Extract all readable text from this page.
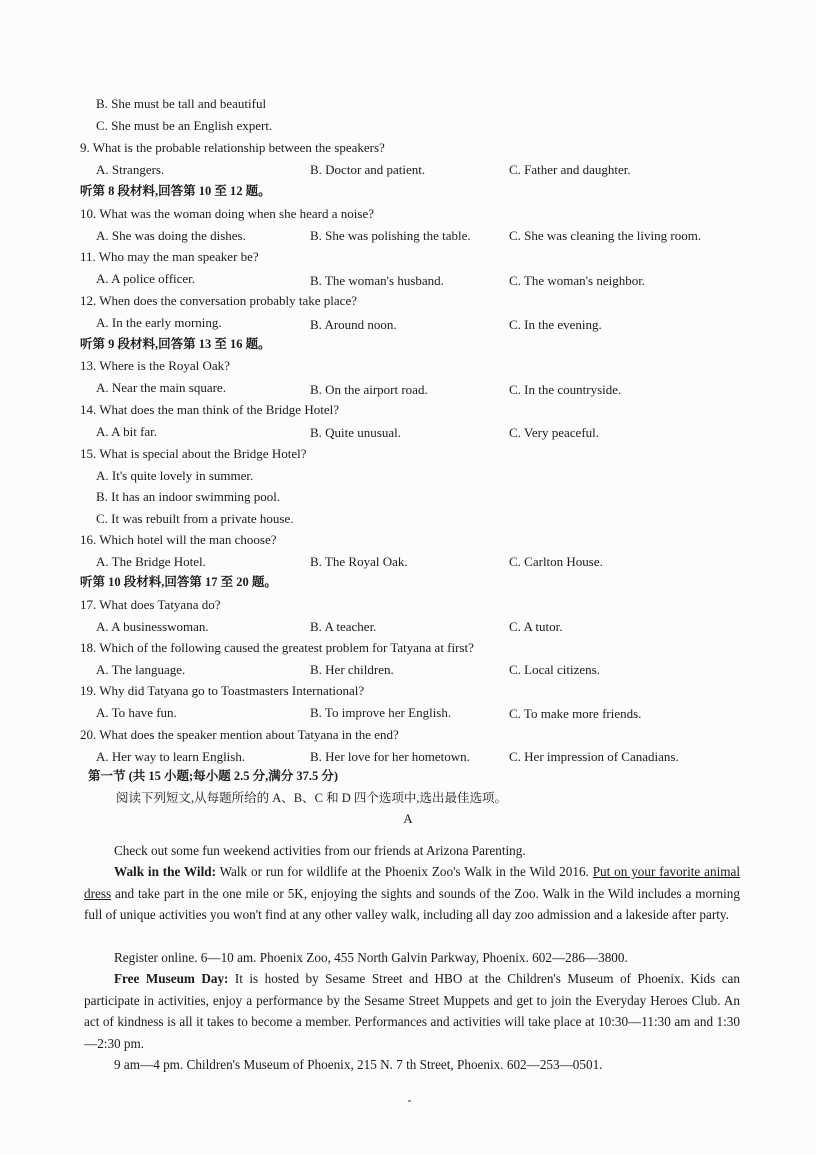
B. She must be tall and beautiful
C. She must be an English expert.
9. What is the probable relationship between the speakers?
A. Strangers.	B. Doctor and patient.	C. Father and daughter.
听第 8 段材料,回答第 10 至 12 题。
10. What was the woman doing when she heard a noise?
A. She was doing the dishes.	B. She was polishing the table.	C. She was cleaning the living room.
11. Who may the man speaker be?
A. A police officer.	B. The woman's husband.	C. The woman's neighbor.
12. When does the conversation probably take place?
A. In the early morning.	B. Around noon.	C. In the evening.
听第 9 段材料,回答第 13 至 16 题。
13. Where is the Royal Oak?
A. Near the main square.	B. On the airport road.	C. In the countryside.
14. What does the man think of the Bridge Hotel?
A. A bit far.	B. Quite unusual.	C. Very peaceful.
15. What is special about the Bridge Hotel?
A. It's quite lovely in summer.
B. It has an indoor swimming pool.
C. It was rebuilt from a private house.
16. Which hotel will the man choose?
A. The Bridge Hotel.	B. The Royal Oak.	C. Carlton House.
听第 10 段材料,回答第 17 至 20 题。
17. What does Tatyana do?
A. A businesswoman.	B. A teacher.	C. A tutor.
18. Which of the following caused the greatest problem for Tatyana at first?
A. The language.	B. Her children.	C. Local citizens.
19. Why did Tatyana go to Toastmasters International?
A. To have fun.	B. To improve her English.	C. To make more friends.
20. What does the speaker mention about Tatyana in the end?
A. Her way to learn English.	B. Her love for her hometown.	C. Her impression of Canadians.
第一节 (共 15 小题;每小题 2.5 分,满分 37.5 分)
阅读下列短文,从每题所给的 A、B、C 和 D 四个选项中,选出最佳选项。
A
Check out some fun weekend activities from our friends at Arizona Parenting.
Walk in the Wild: Walk or run for wildlife at the Phoenix Zoo's Walk in the Wild 2016. Put on your favorite animal dress and take part in the one mile or 5K, enjoying the sights and sounds of the Zoo. Walk in the Wild includes a morning full of unique activities you won't find at any other valley walk, including all day zoo admission and a lakeside after party.
Register online. 6—10 am. Phoenix Zoo, 455 North Galvin Parkway, Phoenix. 602—286—3800.
Free Museum Day: It is hosted by Sesame Street and HBO at the Children's Museum of Phoenix. Kids can participate in activities, enjoy a performance by the Sesame Street Muppets and get to join the Everyday Heroes Club. An act of kindness is all it takes to become a member. Performances and activities will take place at 10:30—11:30 am and 1:30—2:30 pm.
9 am—4 pm. Children's Museum of Phoenix, 215 N. 7 th Street, Phoenix. 602—253—0501.
